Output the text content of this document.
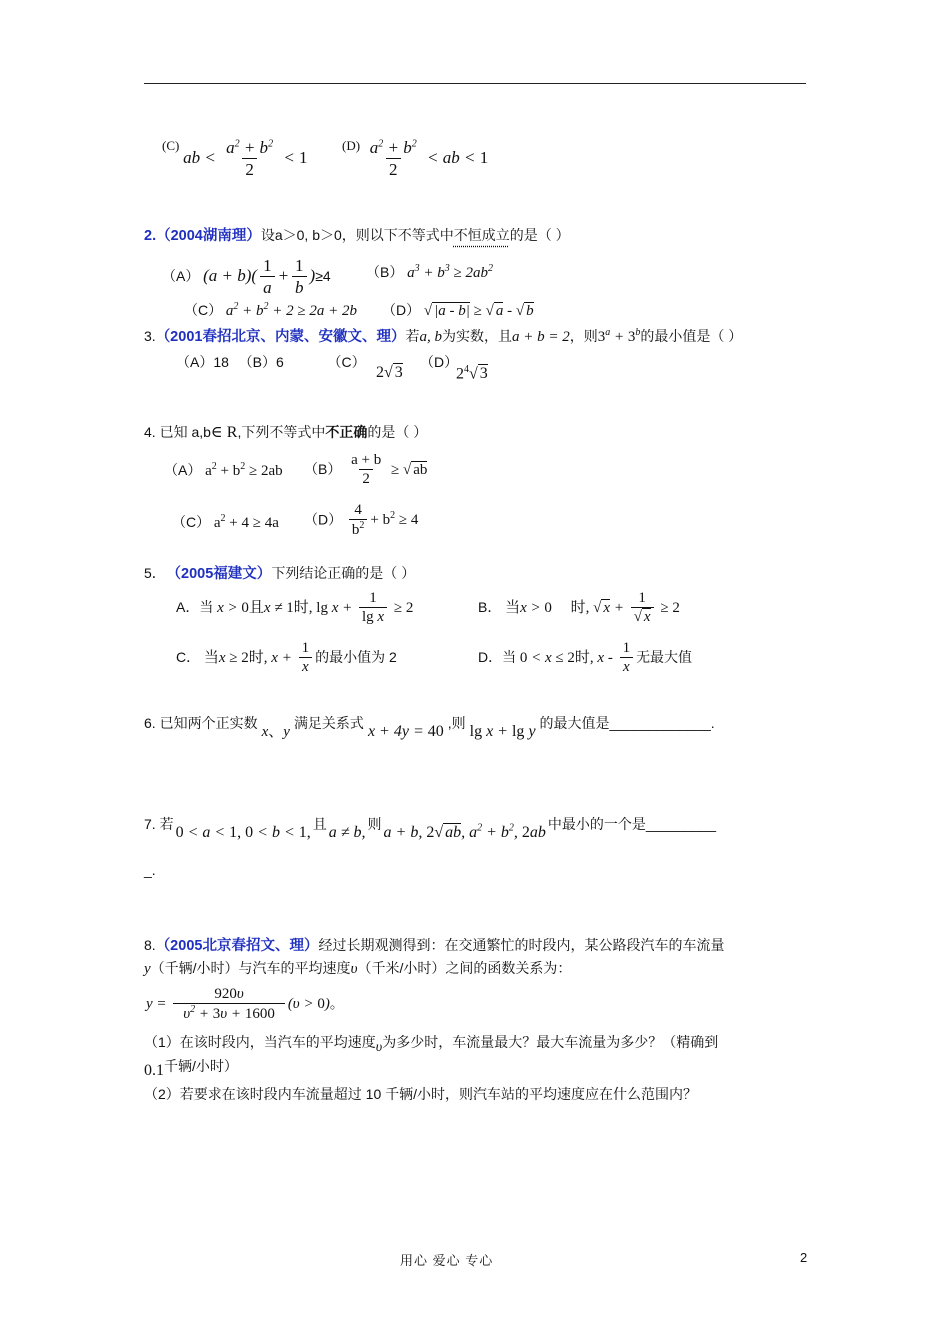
(C) ab < $\frac{a^2 + b^2}{2} < 1$
$(D) \frac{a^2 + b^2}{2}$ < ab < 1
2.（2004湖南理）设a＞0, b＞0，则以下不等式中不恒成立的是（ ）
（A） $(a + b)( \frac{1}{a} + \frac{1}{b} )\ge 4$	（B） $a^3 + b^3 \ge 2ab^2$
（C） $a^2 + b^2 + 2 \ge 2a + 2b$ （D） √ |a - b| ≥ √ a - √ b
3.（2001春招北京、内蒙、安徽文、理）若a, b为实数，且a + b = 2，则$3^a + 3^b$的最小值是（ ）
（A）18 （B）6	（C）
2√ 3
（D）
$2^4√$ 3
4. 已知 a,b∈ R,下列不等式中不正确的是（ ）
（A） $a^2 + b^2 \ge 2ab$ $(B) \frac{a + b}{2}$ ≥ √ ab
（C） $a^2 + 4 \ge 4a$ $(D) \frac{4}{b^2} + b^2 \ge 4$
5． （2005福建文）下列结论正确的是（ ）
A．当 x > 0且x ≠ 1时, $\lg x + \frac{1}{\text{lg x}} \ge 2$	B． 当x > 0 时, √ $x + \frac{1}{√ x} \ge 2$
C． 当x ≥ 2时, $x + \frac{1}{x}$ 的最小值为 2	D．当 0 < x ≤ 2时, x - $\frac{1}{x}$ 无最大值
6. 已知两个正实数x、y满足关系式 x + 4y = 40 ,则 lg x + lg y 的最大值是_____________.
7. 若 0 < a < 1, 0 < b < 1, 且 a ≠ b, 则 a + b, 2√ ab, $a^2 + b^2$, 2ab 中最小的一个是_________
_.
8.（2005北京春招文、理）经过长期观测得到：在交通繁忙的时段内，某公路段汽车的车流量
y（千辆/小时）与汽车的平均速度υ（千米/小时）之间的函数关系为：
$y = \frac{920\upsilon}{\upsilon^2 + 3\upsilon + 1600} (\upsilon > 0)$。
（1）在该时段内，当汽车的平均速度υ为多少时，车流量最大？最大车流量为多少？（精确到
0.1千辆/小时）
（2）若要求在该时段内车流量超过 10 千辆/小时，则汽车站的平均速度应在什么范围内？
用心 爱心 专心	2
